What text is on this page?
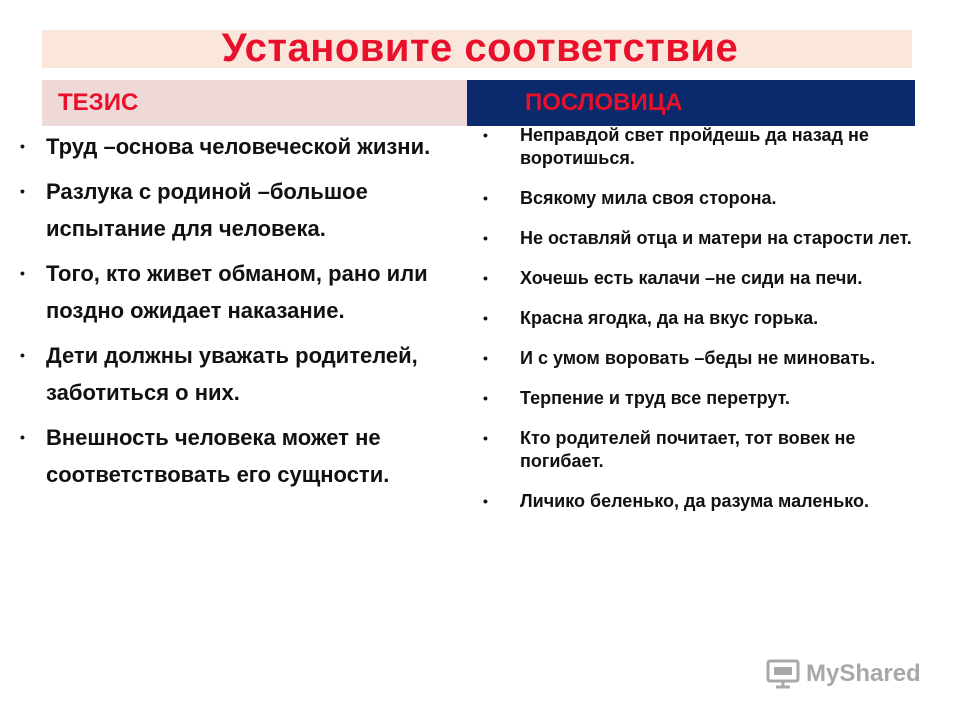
Установите соответствие
ТЕЗИС	ПОСЛОВИЦА
• Труд –основа человеческой жизни.
• Разлука с родиной –большое испытание для человека.
• Того, кто живет обманом, рано или поздно ожидает наказание.
• Дети должны уважать родителей, заботиться о них.
• Внешность человека может не соответствовать его сущности.
• Неправдой свет пройдешь да назад не воротишься.
• Всякому мила своя сторона.
• Не оставляй отца и матери на старости лет.
• Хочешь есть калачи –не сиди на печи.
• Красна ягодка, да на вкус горька.
• И с умом воровать –беды не миновать.
• Терпение и труд все перетрут.
• Кто родителей почитает, тот вовек не погибает.
• Личико беленько, да разума маленько.
MyShared
